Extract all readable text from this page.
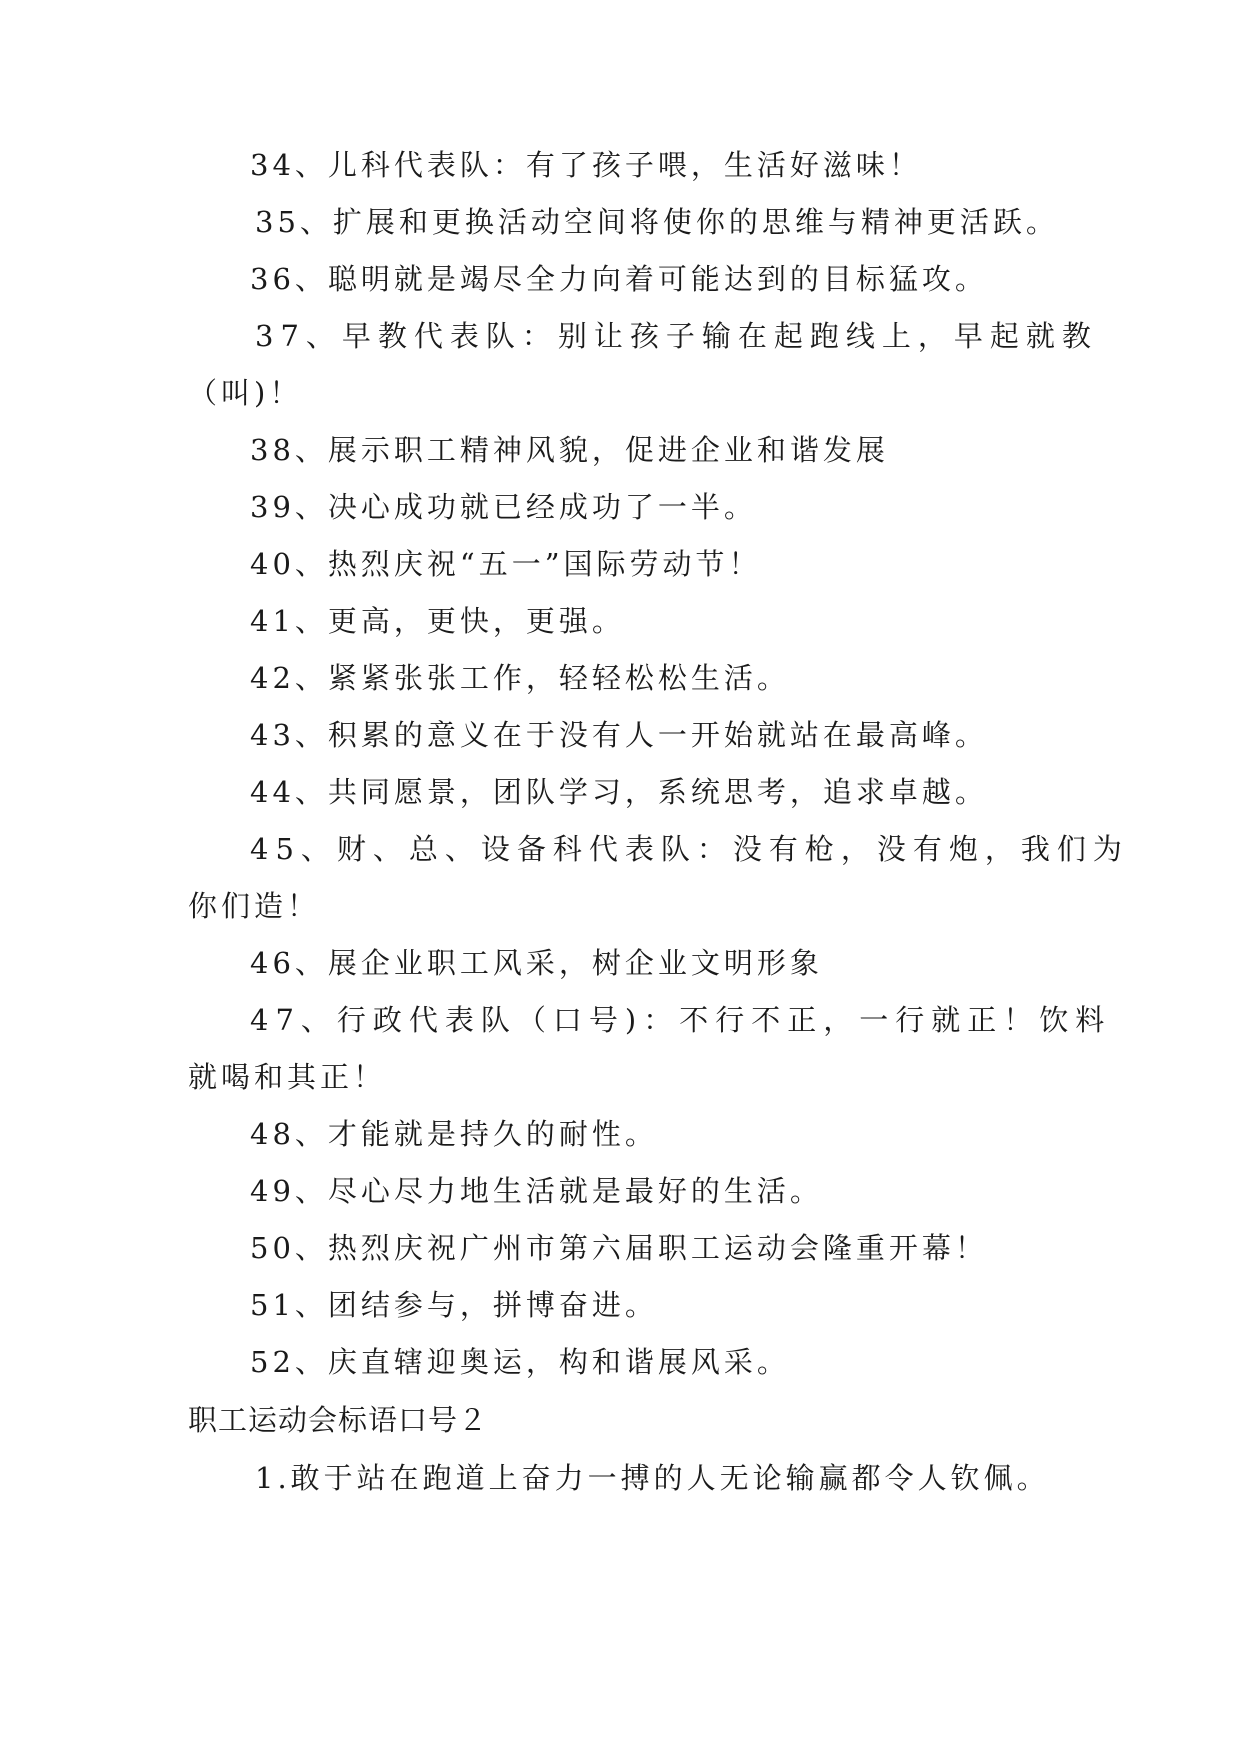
34、儿科代表队：有了孩子喂，生活好滋味！
35、扩展和更换活动空间将使你的思维与精神更活跃。
36、聪明就是竭尽全力向着可能达到的目标猛攻。
37、早教代表队：别让孩子输在起跑线上，早起就教
（叫)！
38、展示职工精神风貌，促进企业和谐发展
39、决心成功就已经成功了一半。
40、热烈庆祝“五一”国际劳动节！
41、更高，更快，更强。
42、紧紧张张工作，轻轻松松生活。
43、积累的意义在于没有人一开始就站在最高峰。
44、共同愿景，团队学习，系统思考，追求卓越。
45、财、总、设备科代表队：没有枪，没有炮，我们为
你们造！
46、展企业职工风采，树企业文明形象
47、行政代表队（口号)：不行不正，一行就正！饮料
就喝和其正！
48、才能就是持久的耐性。
49、尽心尽力地生活就是最好的生活。
50、热烈庆祝广州市第六届职工运动会隆重开幕！
51、团结参与，拼博奋进。
52、庆直辖迎奥运，构和谐展风采。
职工运动会标语口号２
1.敢于站在跑道上奋力一搏的人无论输赢都令人钦佩。
